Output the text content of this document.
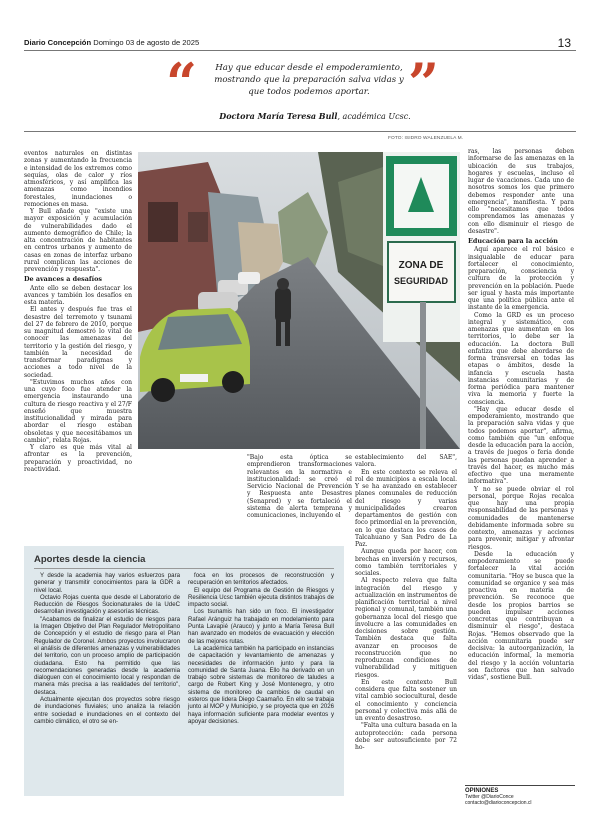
Diario Concepción Domingo 03 de agosto de 2025	13
“	Hay que educar desde el empoderamiento, mostrando que la preparación salva vidas y que todos podemos aportar. ”
Doctora María Teresa Bull, académica Ucsc.
FOTO: ISIDRO WALENZUELA M.

eventos naturales en distintas zonas y aumentando la frecuencia e intensidad de los extremos como sequías, olas de calor y ríos atmosféricos, y así amplifica las amenazas como incendios forestales, inundaciones o remociones en masa.

Y Bull añade que "existe una mayor exposición y acumulación de vulnerabilidades dado el aumento demográfico de Chile; la alta concentración de habitantes en centros urbanos y aumento de casas en zonas de interfaz urbano rural complican las acciones de prevención y respuesta".

De avances a desafíos

Ante ello se deben destacar los avances y también los desafíos en esta materia.

El antes y después fue tras el desastre del terremoto y tsunami del 27 de febrero de 2010, porque su magnitud demostró lo vital de conocer las amenazas del territorio y la gestión del riesgo, y también la necesidad de transformar paradigmas y acciones a todo nivel de la sociedad.

"Estuvimos muchos años con una cuyo foco fue atender la emergencia instaurando una cultura de riesgo reactiva y el 27/F enseñó que muestra institucionalidad y mirada para abordar el riesgo estaban obsoletas y que necesitábamos un cambio", relata Rojas.

Y claro es que más vital al afrontar es la prevención, preparación y proactividad, no reactividad.

ZONA DE
SEGURIDAD

"Bajo esta óptica se emprendieron transformaciones relevantes en la normativa e institucionalidad: se creó el Servicio Nacional de Prevención y Respuesta ante Desastres (Senapred) y se fortaleció el sistema de alerta temprana y comunicaciones, incluyendo el

establecimiento del SAE", valora.

En este contexto se releva el rol de municipios a escala local. Y se ha avanzado en establecer planes comunales de reducción del riesgo y varias municipalidades crearon departamentos de gestión con foco primordial en la prevención, en lo que destaca los casos de Talcahuano y San Pedro de La Paz.

Aunque queda por hacer, con brechas en inversión y recursos, como también territoriales y sociales.

Al respecto releva que falta integración del riesgo y actualización en instrumentos de planificación territorial a nivel regional y comunal, también una gobernanza local del riesgo que involucre a las comunidades en decisiones sobre gestión. También destaca que falta avanzar en procesos de reconstrucción que no reproduzcan condiciones de vulnerabilidad y mitiguen riesgos.

En este contexto Bull considera que falta sostener un vital cambio sociocultural, desde el conocimiento y conciencia personal y colectiva más allá de un evento desastroso.

"Falta una cultura basada en la autoprotección: cada persona debe ser autosuficiente por 72 ho-

ras, las personas deben informarse de las amenazas en la ubicación de sus trabajos, hogares y escuelas, incluso el lugar de vacaciones. Cada uno de nosotros somos los que primero debemos responder ante una emergencia", manifiesta. Y para ello "necesitamos que todos comprendamos las amenazas y con ello disminuir el riesgo de desastre".

Educación para la acción

Aquí aparece el rol básico e insigualable de educar para fortalecer el conocimiento, preparación, consciencia y cultura de la protección y prevención en la población. Puede ser igual y hasta más importante que una política pública ante el instante de la emergencia.

Como la GRD es un proceso integral y sistemático, con amenazas que aumentan en los territorios, lo debe ser la educación. La doctora Bull enfatiza que debe abordarse de forma transversal en todas las etapas o ámbitos, desde la infancia y escuela hasta instancias comunitarias y de forma periódica para mantener viva la memoria y fuerte la consciencia.

"Hay que educar desde el empoderamiento, mostrando que la preparación salva vidas y que todos podemos aportar", afirma, como también que "un enfoque desde la educación para la acción, a través de juegos o feria donde las personas puedan aprender a través del hacer, es mucho más efectivo que una meramente informativa".

Y no se puede obviar el rol personal, porque Rojas recalca que hay una propia responsabilidad de las personas y comunidades de mantenerse debidamente informada sobre su contexto, amenazas y acciones para prevenir, mitigar y afrontar riesgos.

Desde la educación y empoderamiento se puede fortalecer la vital acción comunitaria. "Hoy se busca que la comunidad se organice y sea más proactiva en materia de prevención. Se reconoce que desde los propios barrios se pueden impulsar acciones concretas que contribuyan a disminuir el riesgo", destaca Rojas. "Hemos observado que la acción comunitaria puede ser decisiva: la autoorganización, la educación informal, la memoria del riesgo y la acción voluntaria son factores que han salvado vidas", sostiene Bull.

Aportes desde la ciencia

Y desde la academia hay varios esfuerzos para generar y transmitir conocimientos para la GDR a nivel local.

Octavio Rojas cuenta que desde el Laboratorio de Reducción de Riesgos Socionaturales de la UdeC desarrollan investigación y asesorías técnicas.

"Acabamos de finalizar el estudio de riesgos para la Imagen Objetivo del Plan Regulador Metropolitano de Concepción y el estudio de riesgo para el Plan Regulador de Coronel. Ambos proyectos involucraron el análisis de diferentes amenazas y vulnerabilidades del territorio, con un proceso amplio de participación ciudadana. Esto ha permitido que las recomendaciones generadas desde la academia dialoguen con el conocimiento local y respondan de manera más precisa a las realidades del territorio", destaca.

Actualmente ejecutan dos proyectos sobre riesgo de inundaciones fluviales; uno analiza la relación entre sociedad e inundaciones en el contexto del cambio climático, el otro se en-

foca en los procesos de reconstrucción y recuperación en territorios afectados.

El equipo del Programa de Gestión de Riesgos y Resiliencia Ucsc también ejecuta distintos trabajos de impacto social.

Los tsunamis han sido un foco. El investigador Rafael Aránguiz ha trabajado en modelamiento para Punta Lavapié (Arauco) y junto a María Teresa Bull han avanzado en modelos de evacuación y elección de las mejores rutas.

La académica también ha participado en instancias de capacitación y levantamiento de amenazas y necesidades de información junto y para la comunidad de Santa Juana. Ello ha derivado en un trabajo sobre sistemas de monitoreo de taludes a cargo de Robert King y José Montenegro, y otro sistema de monitoreo de cambios de caudal en esteros que lidera Diego Caamaño. En ello se trabaja junto al MOP y Municipio, y se proyecta que en 2026 haya información suficiente para modelar eventos y apoyar decisiones.

OPINIONES
Twitter @DiarioConce
contacto@diarioconcepcion.cl
